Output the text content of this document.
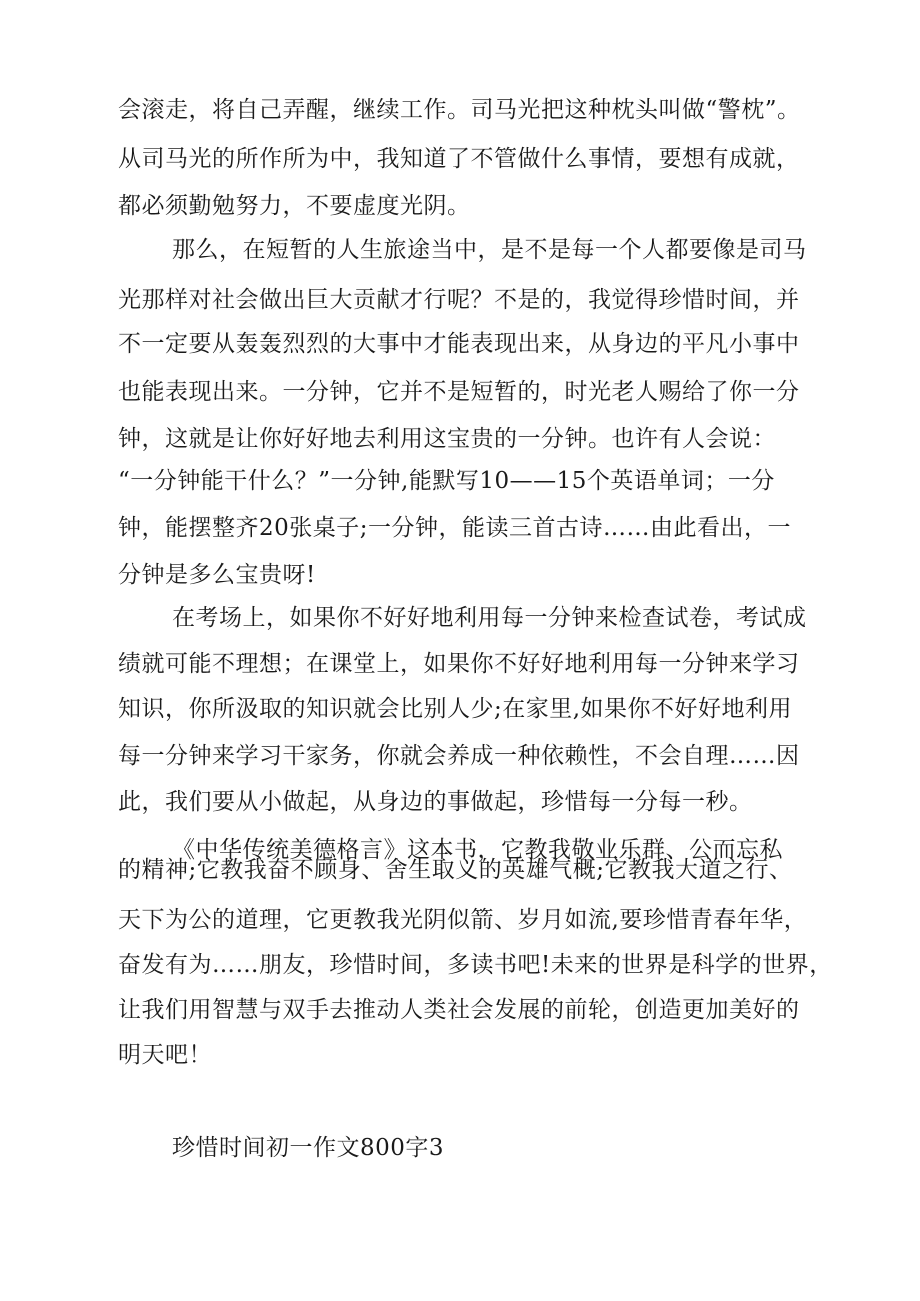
会滚走，将自己弄醒，继续工作。司马光把这种枕头叫做“警枕”。
从司马光的所作所为中，我知道了不管做什么事情，要想有成就，
都必须勤勉努力，不要虚度光阴。
那么，在短暂的人生旅途当中，是不是每一个人都要像是司马
光那样对社会做出巨大贡献才行呢？不是的，我觉得珍惜时间，并
不一定要从轰轰烈烈的大事中才能表现出来，从身边的平凡小事中
也能表现出来。一分钟，它并不是短暂的，时光老人赐给了你一分
钟，这就是让你好好地去利用这宝贵的一分钟。也许有人会说：
“一分钟能干什么？”一分钟,能默写10——15个英语单词；一分
钟，能摆整齐20张桌子;一分钟，能读三首古诗……由此看出，一
分钟是多么宝贵呀!
在考场上，如果你不好好地利用每一分钟来检查试卷，考试成
绩就可能不理想；在课堂上，如果你不好好地利用每一分钟来学习
知识，你所汲取的知识就会比别人少;在家里,如果你不好好地利用
每一分钟来学习干家务，你就会养成一种依赖性，不会自理……因
此，我们要从小做起，从身边的事做起，珍惜每一分每一秒。
《中华传统美德格言》这本书，它教我敬业乐群、公而忘私
的精神;它教我奋不顾身、舍生取义的英雄气概;它教我大道之行、
天下为公的道理，它更教我光阴似箭、岁月如流,要珍惜青春年华，
奋发有为……朋友，珍惜时间，多读书吧!未来的世界是科学的世界，
让我们用智慧与双手去推动人类社会发展的前轮，创造更加美好的
明天吧！
珍惜时间初一作文800字3
